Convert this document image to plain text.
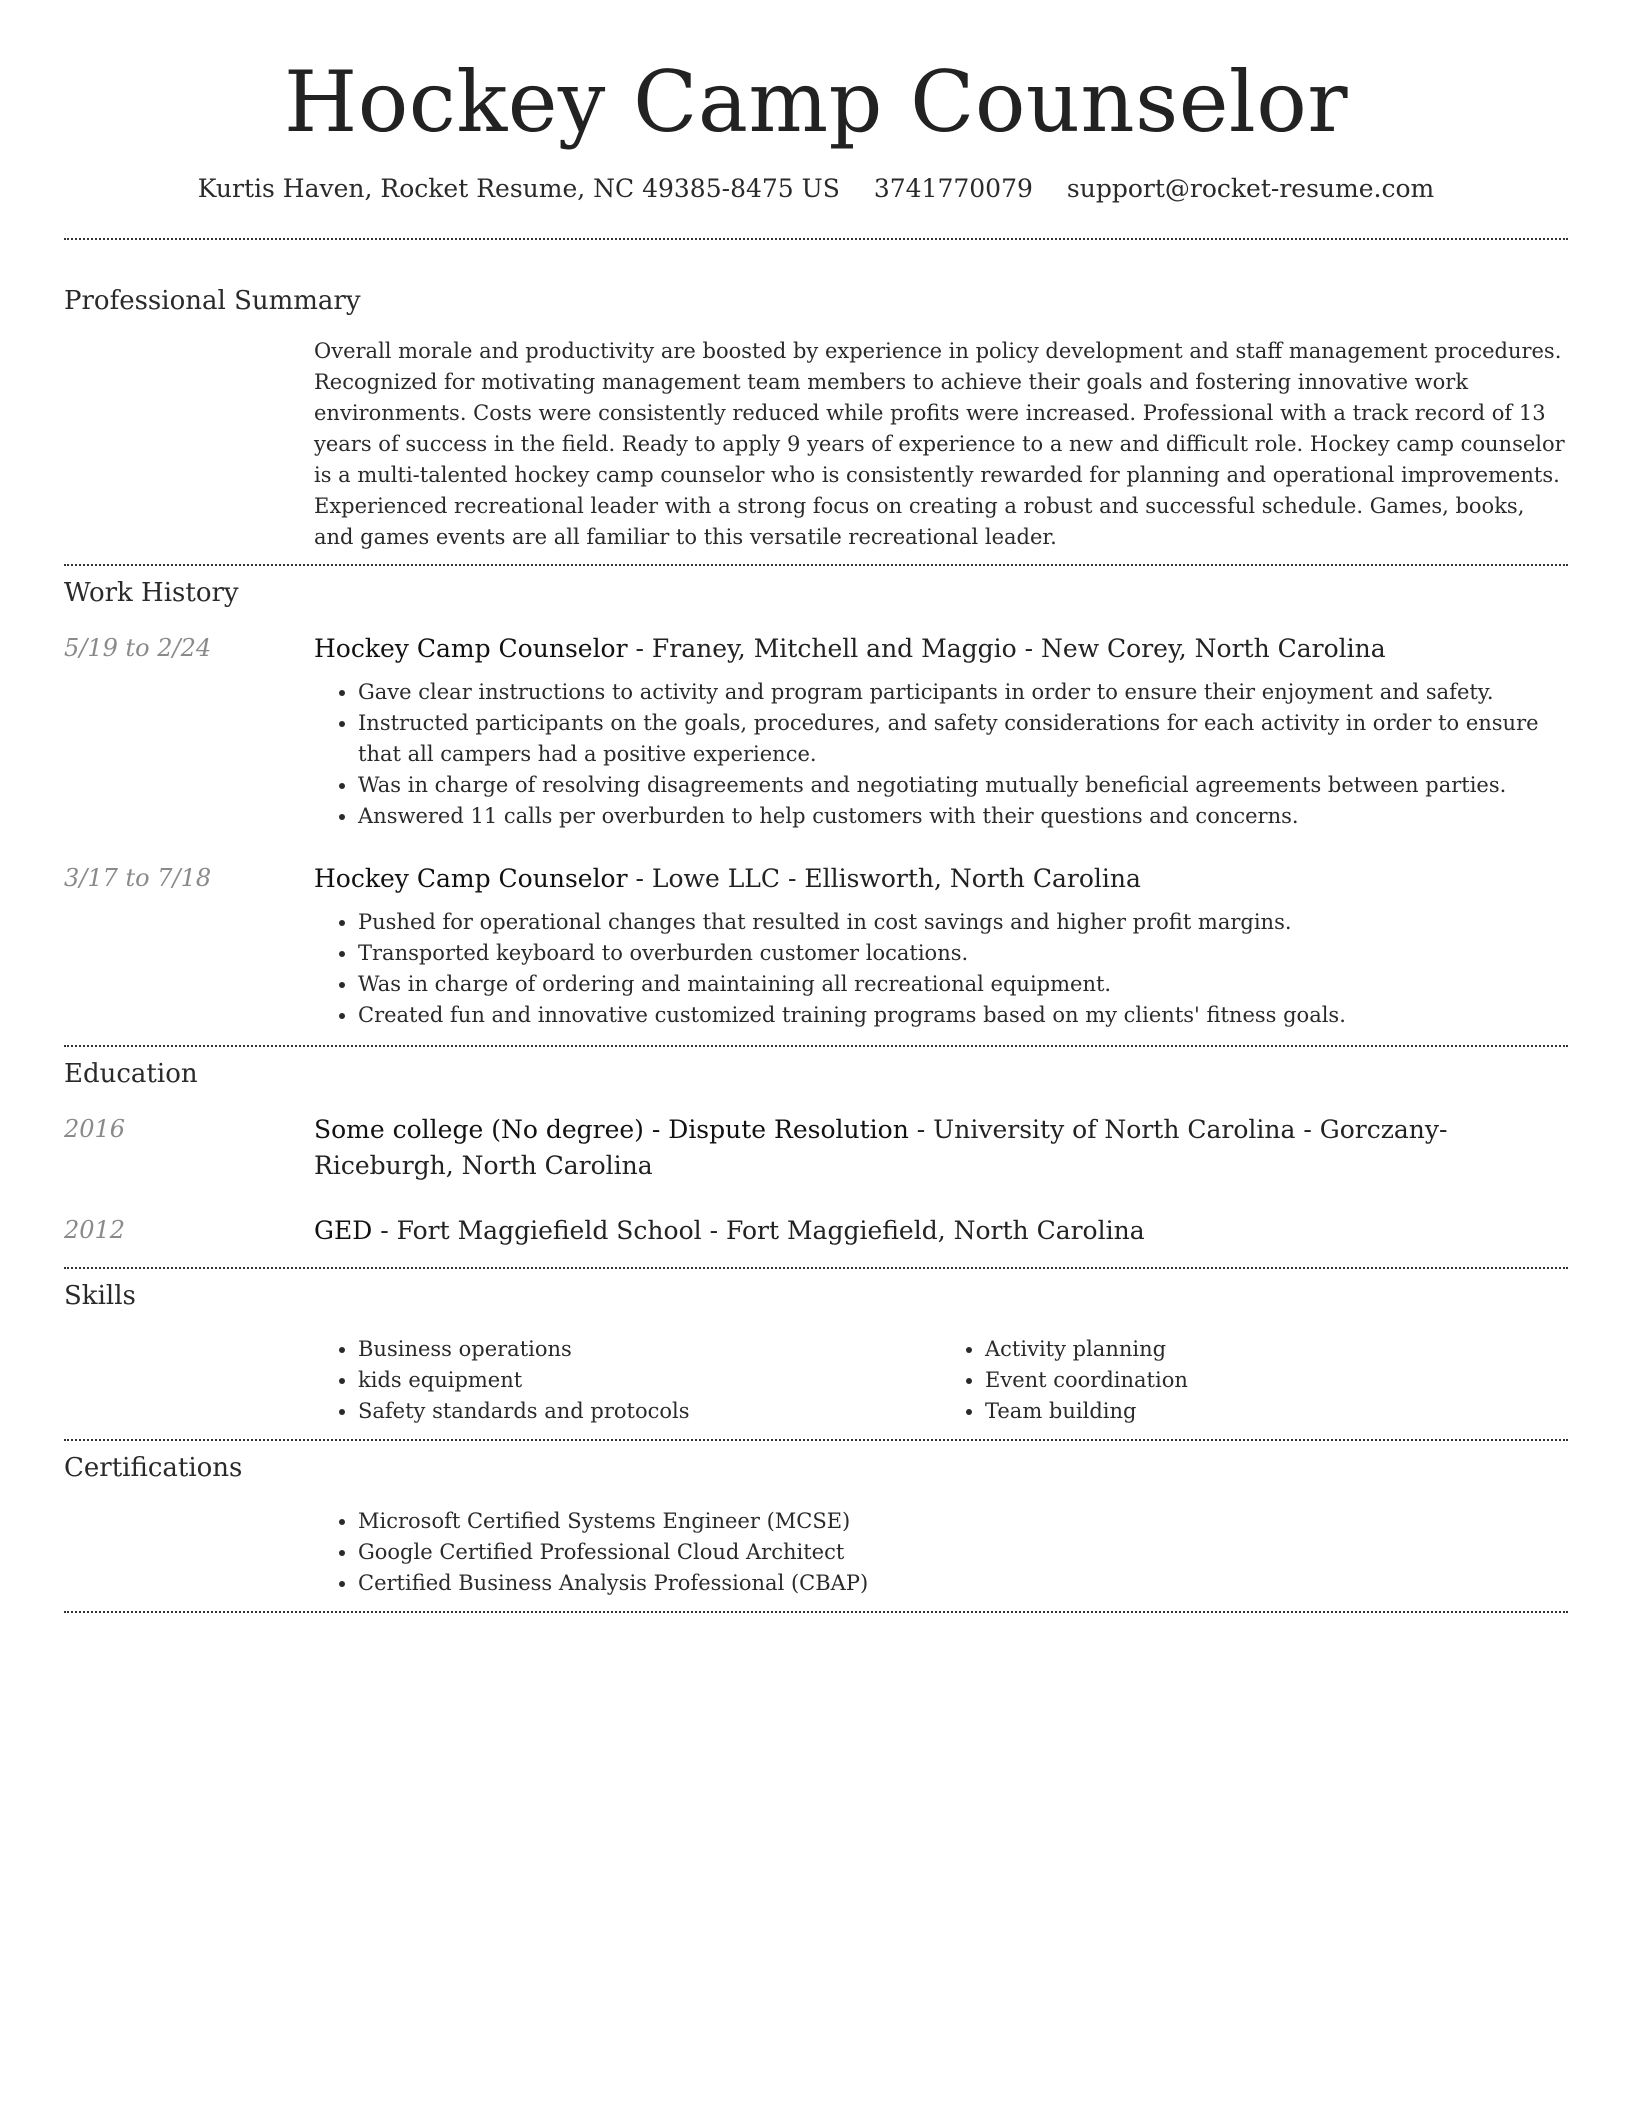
Hockey Camp Counselor
Kurtis Haven, Rocket Resume, NC 49385-8475 US 3741770079 support@rocket-resume.com
Professional Summary

Overall morale and productivity are boosted by experience in policy development and staff management procedures. Recognized for motivating management team members to achieve their goals and fostering innovative work environments. Costs were consistently reduced while profits were increased. Professional with a track record of 13 years of success in the field. Ready to apply 9 years of experience to a new and difficult role. Hockey camp counselor is a multi-talented hockey camp counselor who is consistently rewarded for planning and operational improvements. Experienced recreational leader with a strong focus on creating a robust and successful schedule. Games, books, and games events are all familiar to this versatile recreational leader.

Work History
5/19 to 2/24	Hockey Camp Counselor - Franey, Mitchell and Maggio - New Corey, North Carolina
• Gave clear instructions to activity and program participants in order to ensure their enjoyment and safety.
• Instructed participants on the goals, procedures, and safety considerations for each activity in order to ensure that all campers had a positive experience.
• Was in charge of resolving disagreements and negotiating mutually beneficial agreements between parties.
• Answered 11 calls per overburden to help customers with their questions and concerns.
3/17 to 7/18	Hockey Camp Counselor - Lowe LLC - Ellisworth, North Carolina
• Pushed for operational changes that resulted in cost savings and higher profit margins.
• Transported keyboard to overburden customer locations.
• Was in charge of ordering and maintaining all recreational equipment.
• Created fun and innovative customized training programs based on my clients' fitness goals.
Education
2016	Some college (No degree) - Dispute Resolution - University of North Carolina - Gorczany-Riceburgh, North Carolina
2012	GED - Fort Maggiefield School - Fort Maggiefield, North Carolina
Skills
• Business operations
• kids equipment
• Safety standards and protocols
• Activity planning
• Event coordination
• Team building
Certifications
• Microsoft Certified Systems Engineer (MCSE)
• Google Certified Professional Cloud Architect
• Certified Business Analysis Professional (CBAP)
